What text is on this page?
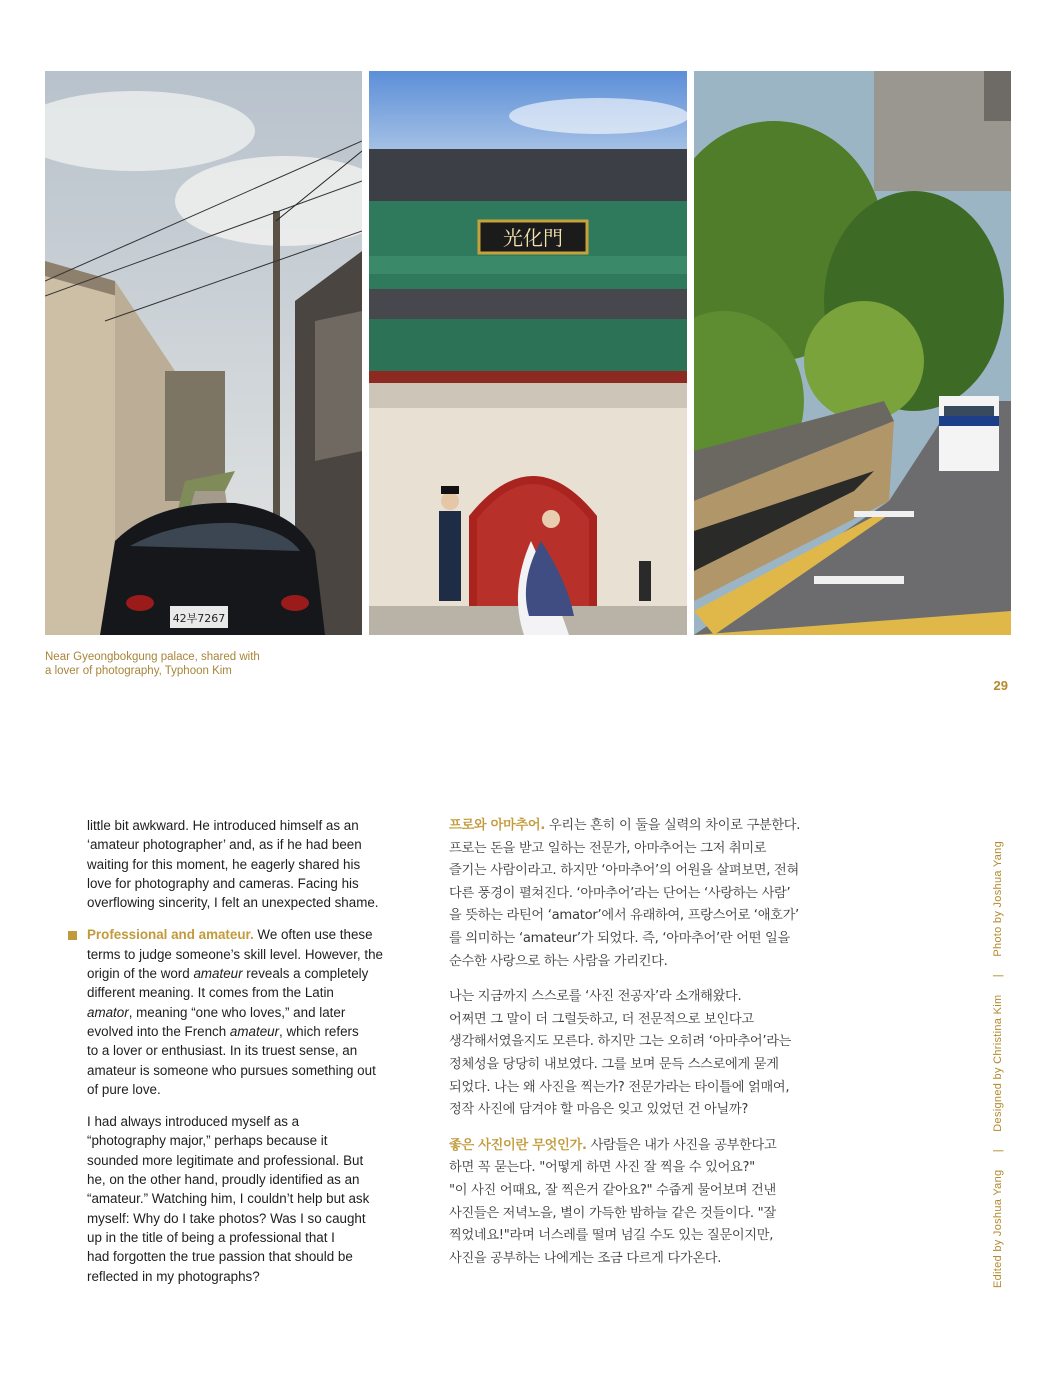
42부7267
光化門
Near Gyeongbokgung palace, shared with
a lover of photography, Typhoon Kim
29

little bit awkward. He introduced himself as an
‘amateur photographer’ and, as if he had been
waiting for this moment, he eagerly shared his
love for photography and cameras. Facing his
overflowing sincerity, I felt an unexpected shame.

Professional and amateur. We often use these
terms to judge someone’s skill level. However, the
origin of the word amateur reveals a completely
different meaning. It comes from the Latin
amator, meaning “one who loves,” and later
evolved into the French amateur, which refers
to a lover or enthusiast. In its truest sense, an
amateur is someone who pursues something out
of pure love.

I had always introduced myself as a
“photography major,” perhaps because it
sounded more legitimate and professional. But
he, on the other hand, proudly identified as an
“amateur.” Watching him, I couldn’t help but ask
myself: Why do I take photos? Was I so caught
up in the title of being a professional that I
had forgotten the true passion that should be
reflected in my photographs?

프로와 아마추어. 우리는 흔히 이 둘을 실력의 차이로 구분한다.
프로는 돈을 받고 일하는 전문가, 아마추어는 그저 취미로
즐기는 사람이라고. 하지만 ‘아마추어’의 어원을 살펴보면, 전혀
다른 풍경이 펼쳐진다. ‘아마추어’라는 단어는 ‘사랑하는 사람’
을 뜻하는 라틴어 ‘amator’에서 유래하여, 프랑스어로 ‘애호가’
를 의미하는 ‘amateur’가 되었다. 즉, ‘아마추어’란 어떤 일을
순수한 사랑으로 하는 사람을 가리킨다.

나는 지금까지 스스로를 ‘사진 전공자’라 소개해왔다.
어쩌면 그 말이 더 그럴듯하고, 더 전문적으로 보인다고
생각해서였을지도 모른다. 하지만 그는 오히려 ‘아마추어’라는
정체성을 당당히 내보였다. 그를 보며 문득 스스로에게 묻게
되었다. 나는 왜 사진을 찍는가? 전문가라는 타이틀에 얽매여,
정작 사진에 담겨야 할 마음은 잊고 있었던 건 아닐까?

좋은 사진이란 무엇인가. 사람들은 내가 사진을 공부한다고
하면 꼭 묻는다. "어떻게 하면 사진 잘 찍을 수 있어요?"
"이 사진 어때요, 잘 찍은거 같아요?" 수줍게 물어보며 건낸
사진들은 저녁노을, 별이 가득한 밤하늘 같은 것들이다. "잘
찍었네요!"라며 너스레를 떨며 넘길 수도 있는 질문이지만,
사진을 공부하는 나에게는 조금 다르게 다가온다.	Edited by Joshua Yang | Designed by Christina Kim | Photo by Joshua Yang
